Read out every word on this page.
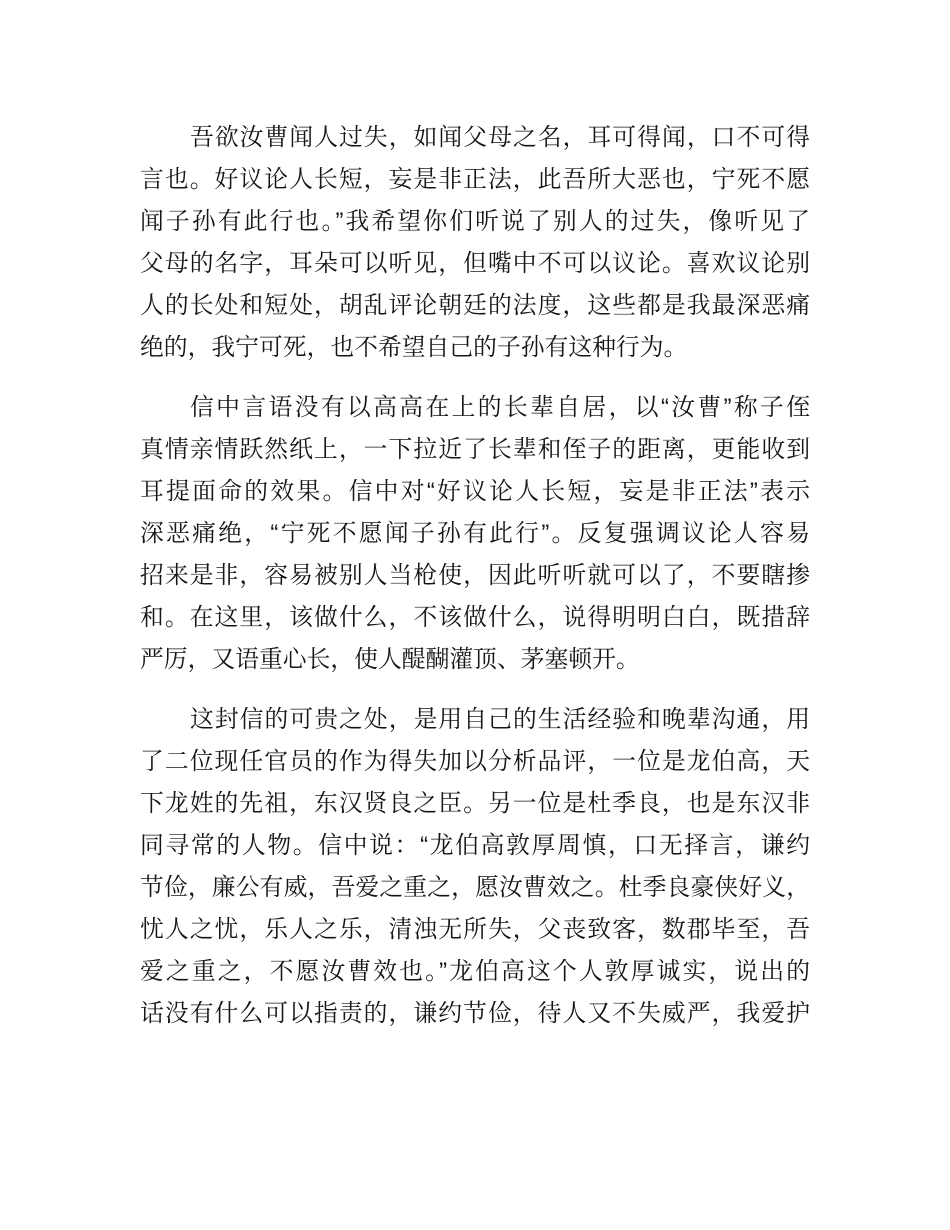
吾欲汝曹闻人过失，如闻父母之名，耳可得闻，口不可得
言也。好议论人长短，妄是非正法，此吾所大恶也，宁死不愿
闻子孙有此行也。”我希望你们听说了别人的过失，像听见了
父母的名字，耳朵可以听见，但嘴中不可以议论。喜欢议论别
人的长处和短处，胡乱评论朝廷的法度，这些都是我最深恶痛
绝的，我宁可死，也不希望自己的子孙有这种行为。

信中言语没有以高高在上的长辈自居，以“汝曹”称子侄
真情亲情跃然纸上，一下拉近了长辈和侄子的距离，更能收到
耳提面命的效果。信中对“好议论人长短，妄是非正法”表示
深恶痛绝，“宁死不愿闻子孙有此行”。反复强调议论人容易
招来是非，容易被别人当枪使，因此听听就可以了，不要瞎掺
和。在这里，该做什么，不该做什么，说得明明白白，既措辞
严厉，又语重心长，使人醍醐灌顶、茅塞顿开。

这封信的可贵之处，是用自己的生活经验和晚辈沟通，用
了二位现任官员的作为得失加以分析品评，一位是龙伯高，天
下龙姓的先祖，东汉贤良之臣。另一位是杜季良，也是东汉非
同寻常的人物。信中说：“龙伯高敦厚周慎，口无择言，谦约
节俭，廉公有威，吾爱之重之，愿汝曹效之。杜季良豪侠好义，
忧人之忧，乐人之乐，清浊无所失，父丧致客，数郡毕至，吾
爱之重之，不愿汝曹效也。”龙伯高这个人敦厚诚实，说出的
话没有什么可以指责的，谦约节俭，待人又不失威严，我爱护
